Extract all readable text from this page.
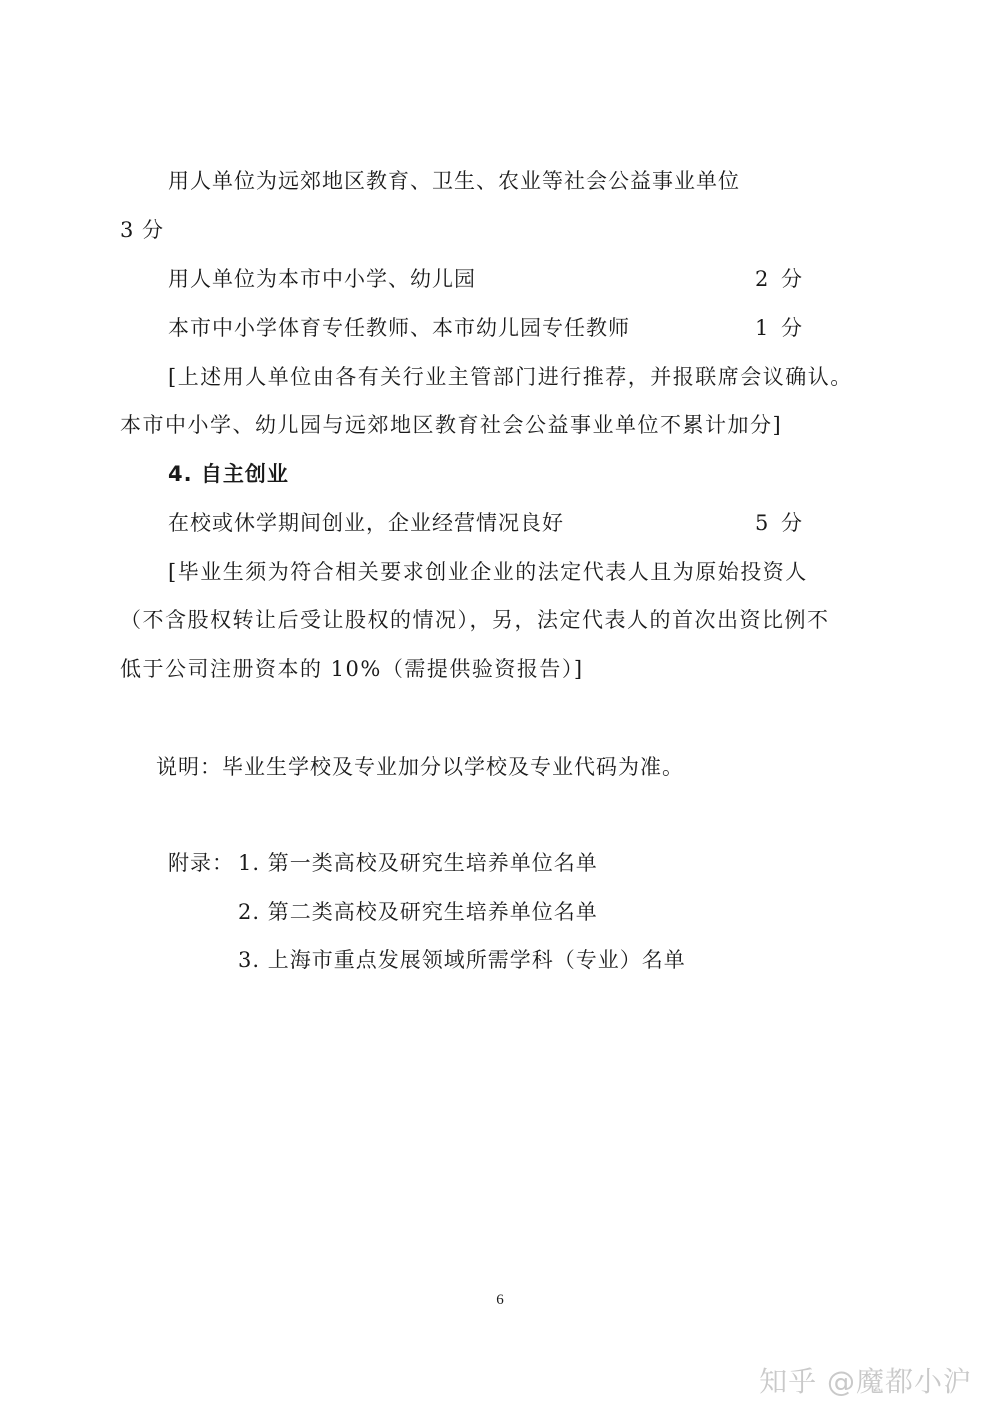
用人单位为远郊地区教育、卫生、农业等社会公益事业单位
3 分
用人单位为本市中小学、幼儿园	2 分
本市中小学体育专任教师、本市幼儿园专任教师	1 分
[上述用人单位由各有关行业主管部门进行推荐，并报联席会议确认。
本市中小学、幼儿园与远郊地区教育社会公益事业单位不累计加分]
4. 自主创业
在校或休学期间创业，企业经营情况良好	5 分
[毕业生须为符合相关要求创业企业的法定代表人且为原始投资人
（不含股权转让后受让股权的情况），另，法定代表人的首次出资比例不
低于公司注册资本的 10%（需提供验资报告）]
说明：毕业生学校及专业加分以学校及专业代码为准。
附录： 1. 第一类高校及研究生培养单位名单
2. 第二类高校及研究生培养单位名单
3. 上海市重点发展领域所需学科（专业）名单
6
知乎 @魔都小沪
